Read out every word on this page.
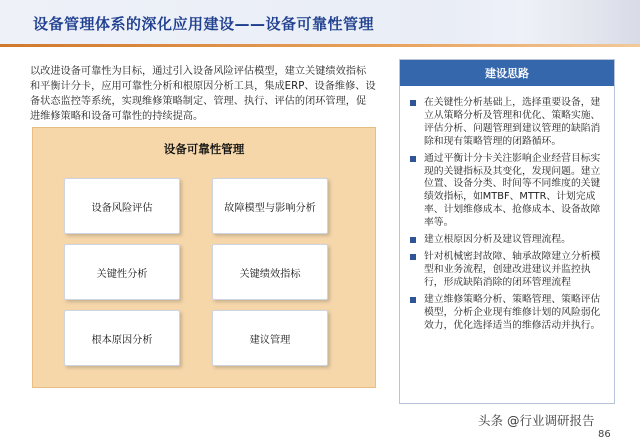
设备管理体系的深化应用建设——设备可靠性管理
以改进设备可靠性为目标，通过引入设备风险评估模型，建立关键绩效指标和平衡计分卡，应用可靠性分析和根原因分析工具，集成ERP、设备维修、设备状态监控等系统，实现维修策略制定、管理、执行、评估的闭环管理，促进维修策略和设备可靠性的持续提高。
设备可靠性管理
设备风险评估	故障模型与影响分析
关键性分析	关键绩效指标
根本原因分析	建议管理
建设思路
在关键性分析基础上，选择重要设备，建立从策略分析及管理和优化、策略实施、评估分析、问题管理到建议管理的缺陷消除和现有策略管理的闭路循环。
通过平衡计分卡关注影响企业经营目标实现的关键指标及其变化，发现问题。建立位置、设备分类、时间等不同维度的关键绩效指标，如MTBF、MTTR、计划完成率、计划维修成本、抢修成本、设备故障率等。
建立根原因分析及建议管理流程。
针对机械密封故障、轴承故障建立分析模型和业务流程，创建改进建议并监控执行，形成缺陷消除的闭环管理流程
建立维修策略分析、策略管理、策略评估模型，分析企业现有维修计划的风险弱化效力，优化选择适当的维修活动并执行。
头条 @行业调研报告
86
